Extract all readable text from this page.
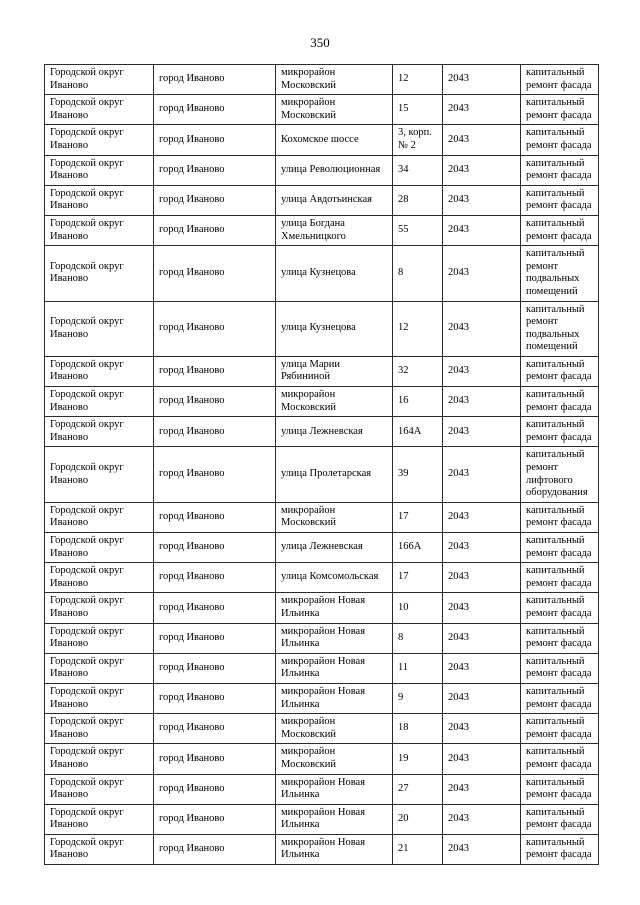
350
Городской округ Иваново	город Иваново	микрорайон Московский	12	2043	капитальный ремонт фасада
Городской округ Иваново	город Иваново	микрорайон Московский	15	2043	капитальный ремонт фасада
Городской округ Иваново	город Иваново	Кохомское шоссе	3, корп. № 2	2043	капитальный ремонт фасада
Городской округ Иваново	город Иваново	улица Революционная	34	2043	капитальный ремонт фасада
Городской округ Иваново	город Иваново	улица Авдотьинская	28	2043	капитальный ремонт фасада
Городской округ Иваново	город Иваново	улица Богдана Хмельницкого	55	2043	капитальный ремонт фасада
Городской округ Иваново	город Иваново	улица Кузнецова	8	2043	капитальный ремонт подвальных помещений
Городской округ Иваново	город Иваново	улица Кузнецова	12	2043	капитальный ремонт подвальных помещений
Городской округ Иваново	город Иваново	улица Марии Рябининой	32	2043	капитальный ремонт фасада
Городской округ Иваново	город Иваново	микрорайон Московский	16	2043	капитальный ремонт фасада
Городской округ Иваново	город Иваново	улица Лежневская	164А	2043	капитальный ремонт фасада
Городской округ Иваново	город Иваново	улица Пролетарская	39	2043	капитальный ремонт лифтового оборудования
Городской округ Иваново	город Иваново	микрорайон Московский	17	2043	капитальный ремонт фасада
Городской округ Иваново	город Иваново	улица Лежневская	166А	2043	капитальный ремонт фасада
Городской округ Иваново	город Иваново	улица Комсомольская	17	2043	капитальный ремонт фасада
Городской округ Иваново	город Иваново	микрорайон Новая Ильинка	10	2043	капитальный ремонт фасада
Городской округ Иваново	город Иваново	микрорайон Новая Ильинка	8	2043	капитальный ремонт фасада
Городской округ Иваново	город Иваново	микрорайон Новая Ильинка	11	2043	капитальный ремонт фасада
Городской округ Иваново	город Иваново	микрорайон Новая Ильинка	9	2043	капитальный ремонт фасада
Городской округ Иваново	город Иваново	микрорайон Московский	18	2043	капитальный ремонт фасада
Городской округ Иваново	город Иваново	микрорайон Московский	19	2043	капитальный ремонт фасада
Городской округ Иваново	город Иваново	микрорайон Новая Ильинка	27	2043	капитальный ремонт фасада
Городской округ Иваново	город Иваново	микрорайон Новая Ильинка	20	2043	капитальный ремонт фасада
Городской округ Иваново	город Иваново	микрорайон Новая Ильинка	21	2043	капитальный ремонт фасада
